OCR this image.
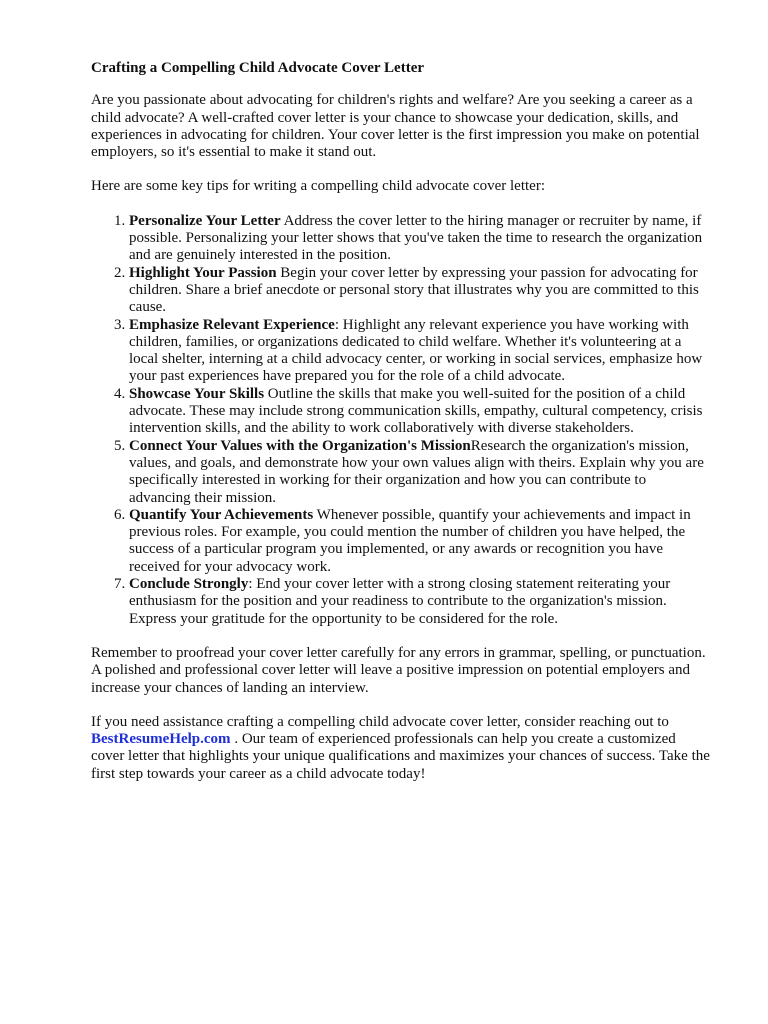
Crafting a Compelling Child Advocate Cover Letter

Are you passionate about advocating for children's rights and welfare? Are you seeking a career as a child advocate? A well-crafted cover letter is your chance to showcase your dedication, skills, and experiences in advocating for children. Your cover letter is the first impression you make on potential employers, so it's essential to make it stand out.

Here are some key tips for writing a compelling child advocate cover letter:

1. Personalize Your Letter Address the cover letter to the hiring manager or recruiter by name, if possible. Personalizing your letter shows that you've taken the time to research the organization and are genuinely interested in the position.
2. Highlight Your Passion Begin your cover letter by expressing your passion for advocating for children. Share a brief anecdote or personal story that illustrates why you are committed to this cause.
3. Emphasize Relevant Experience: Highlight any relevant experience you have working with children, families, or organizations dedicated to child welfare. Whether it's volunteering at a local shelter, interning at a child advocacy center, or working in social services, emphasize how your past experiences have prepared you for the role of a child advocate.
4. Showcase Your Skills Outline the skills that make you well-suited for the position of a child advocate. These may include strong communication skills, empathy, cultural competency, crisis intervention skills, and the ability to work collaboratively with diverse stakeholders.
5. Connect Your Values with the Organization's MissionResearch the organization's mission, values, and goals, and demonstrate how your own values align with theirs. Explain why you are specifically interested in working for their organization and how you can contribute to advancing their mission.
6. Quantify Your Achievements Whenever possible, quantify your achievements and impact in previous roles. For example, you could mention the number of children you have helped, the success of a particular program you implemented, or any awards or recognition you have received for your advocacy work.
7. Conclude Strongly: End your cover letter with a strong closing statement reiterating your enthusiasm for the position and your readiness to contribute to the organization's mission. Express your gratitude for the opportunity to be considered for the role.

Remember to proofread your cover letter carefully for any errors in grammar, spelling, or punctuation. A polished and professional cover letter will leave a positive impression on potential employers and increase your chances of landing an interview.

If you need assistance crafting a compelling child advocate cover letter, consider reaching out to BestResumeHelp.com . Our team of experienced professionals can help you create a customized cover letter that highlights your unique qualifications and maximizes your chances of success. Take the first step towards your career as a child advocate today!
